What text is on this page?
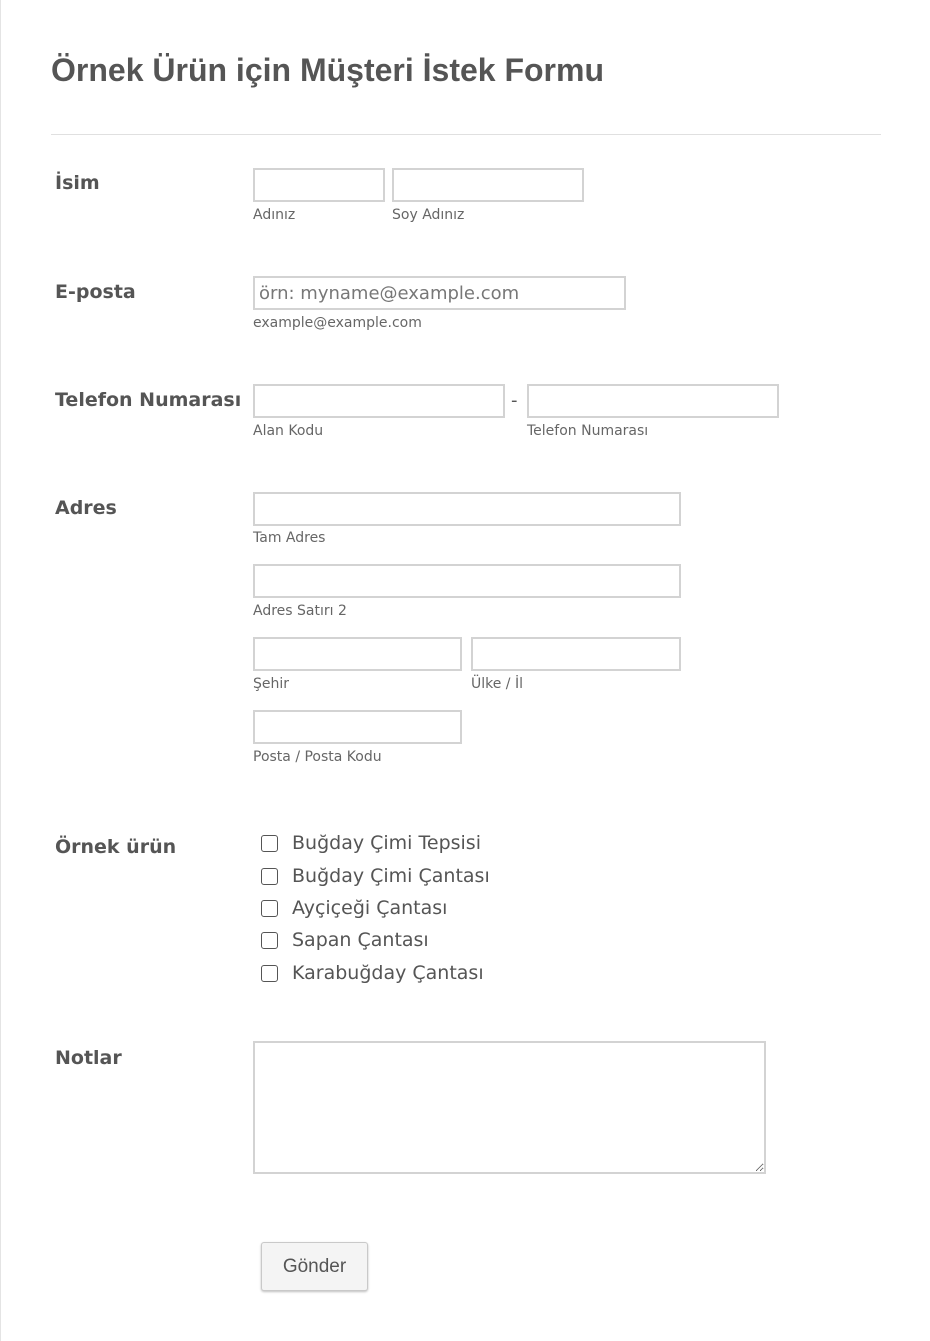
Örnek Ürün için Müşteri İstek Formu
İsim
Adınız	Soy Adınız
E-posta
örn: myname@example.com
example@example.com
Telefon Numarası	-
Alan Kodu	Telefon Numarası
Adres
Tam Adres
Adres Satırı 2
Şehir	Ülke / İl
Posta / Posta Kodu
Örnek ürün	Buğday Çimi Tepsisi
Buğday Çimi Çantası
Ayçiçeği Çantası
Sapan Çantası
Karabuğday Çantası
Notlar
Gönder
